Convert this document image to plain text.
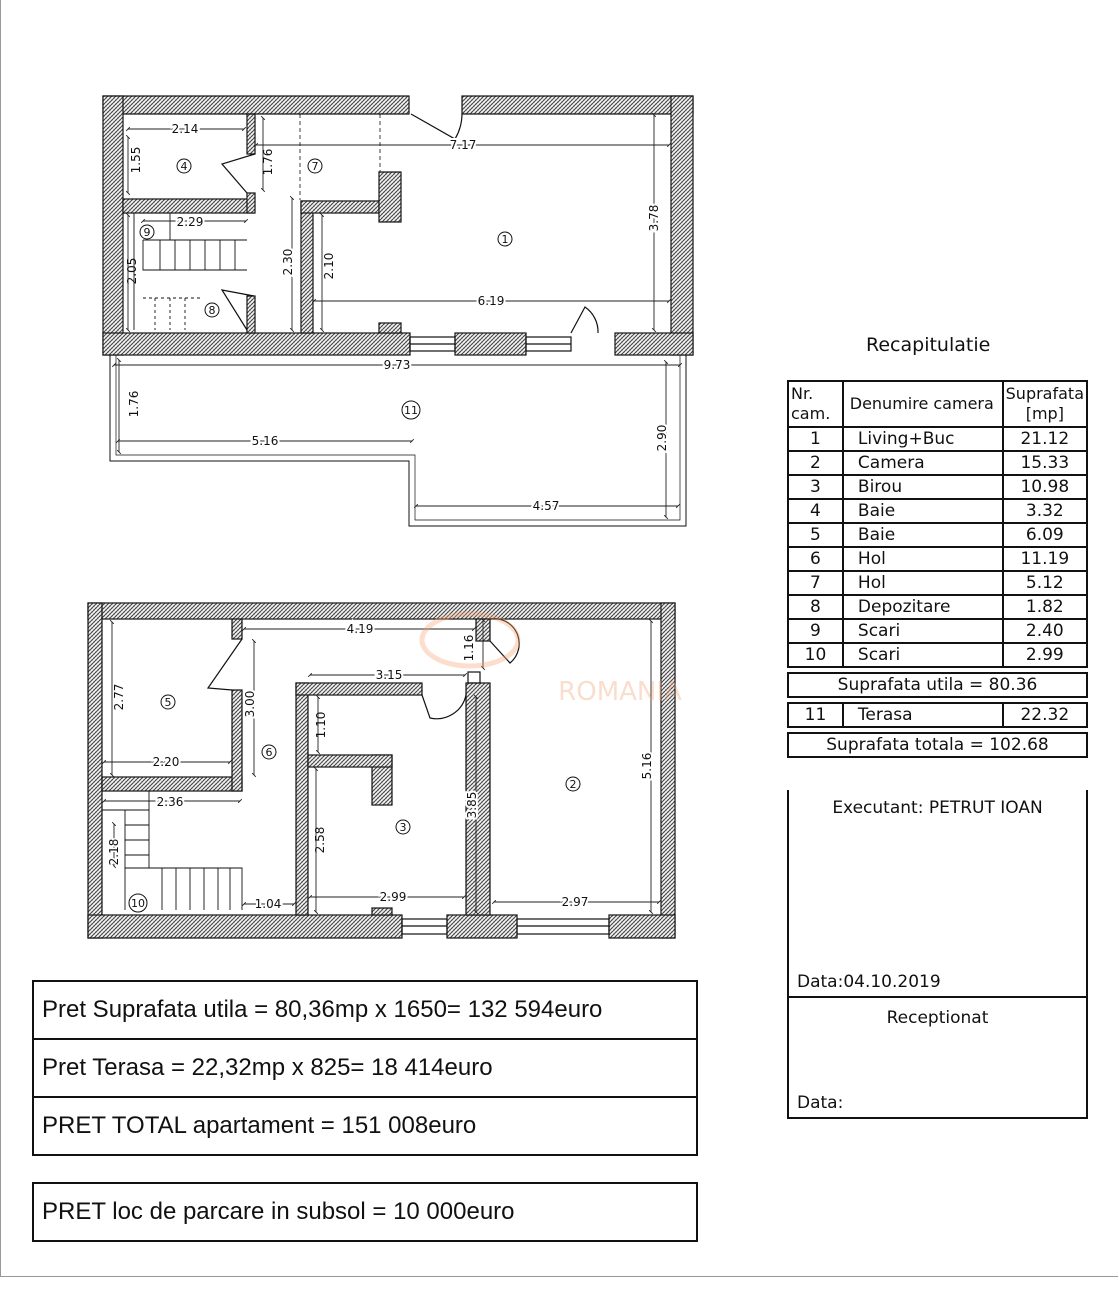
2.14
1.55	1.76
7.17
3.78
2.29
2.05	2.30 2.10
6.19
9.73
1.76
5.16	2.90
4.57
1
4	7
9
8
11
4.19
1.16
2.77	3.00
3.15
1.10
2.20
2.36	3.85
5.16
2.58
2.18
1.04	2.99	2.97
5
6
3
2
10
ROMANIA
Recapitulatie
Nr. cam.	Denumire camera	Suprafata [mp]
1	Living+Buc	21.12
2	Camera	15.33
3	Birou	10.98
4	Baie	3.32
5	Baie	6.09
6	Hol	11.19
7	Hol	5.12
8	Depozitare	1.82
9	Scari	2.40
10	Scari	2.99

Suprafata utila = 80.36		

11	Terasa	22.32

Suprafata totala = 102.68		
Executant: PETRUT IOAN
Data:04.10.2019
Receptionat
Data:
Pret Suprafata utila = 80,36mp x 1650= 132 594euro
Pret Terasa = 22,32mp x 825= 18 414euro
PRET TOTAL apartament = 151 008euro
PRET loc de parcare in subsol = 10 000euro
